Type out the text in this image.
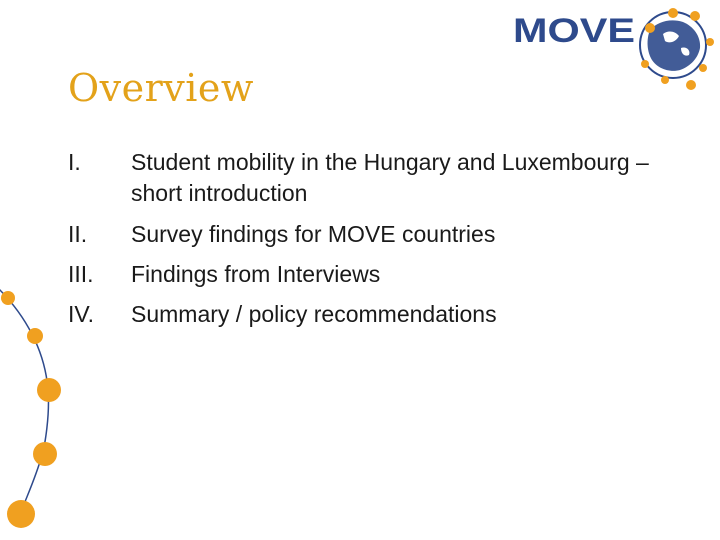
MOVE
Overview
I.	Student mobility in the Hungary and Luxembourg – short introduction
II.	Survey findings for MOVE countries
III.	Findings from Interviews
IV.	Summary / policy recommendations
